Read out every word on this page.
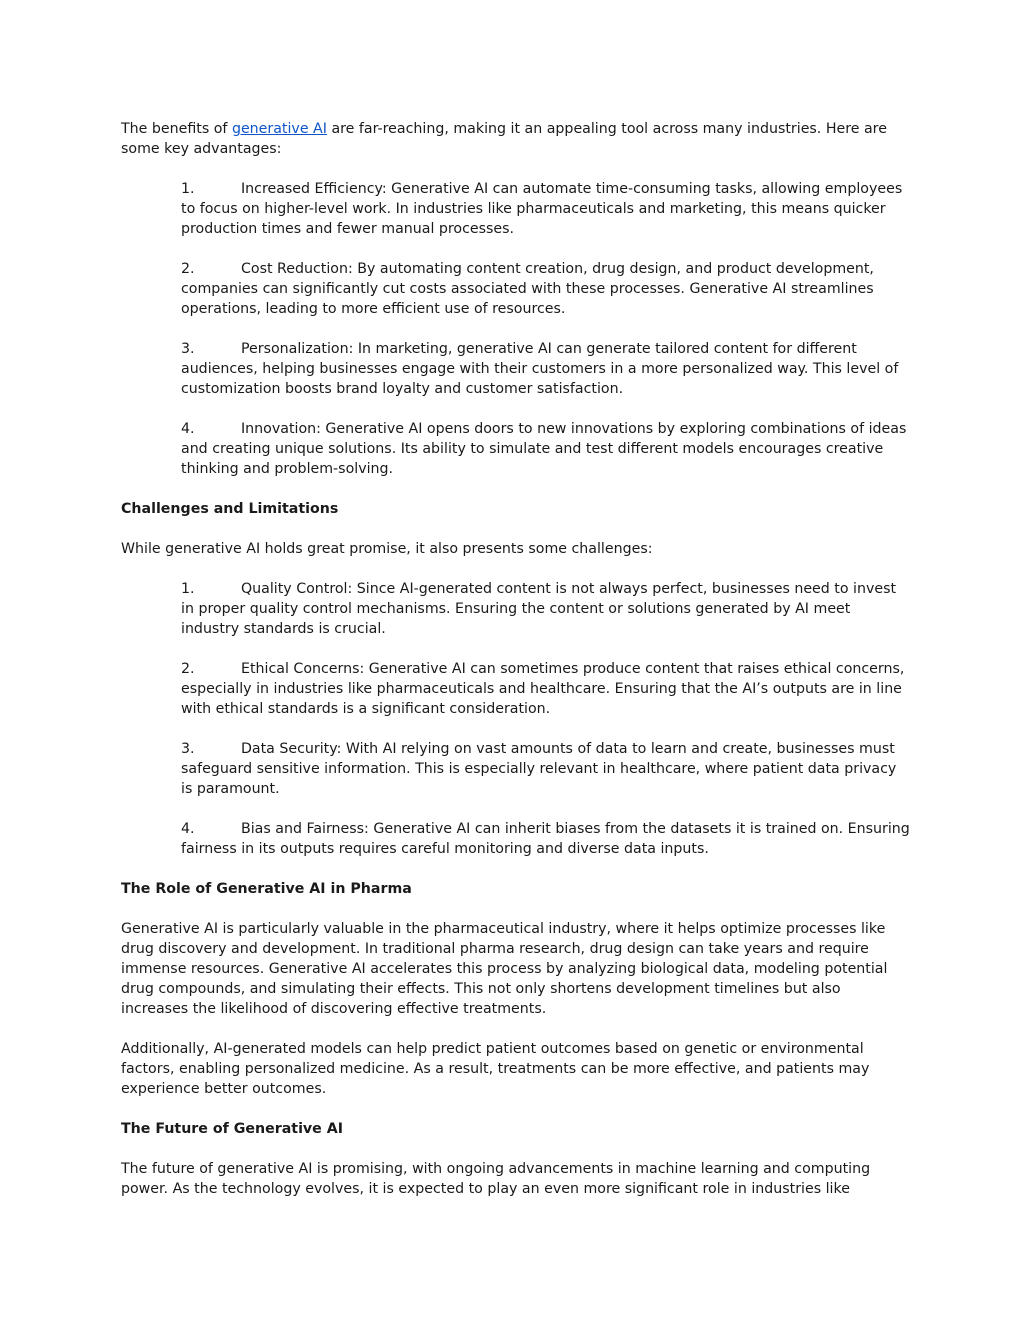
The benefits of generative AI are far-reaching, making it an appealing tool across many industries. Here are some key advantages:

1.	Increased Efficiency: Generative AI can automate time-consuming tasks, allowing employees to focus on higher-level work. In industries like pharmaceuticals and marketing, this means quicker production times and fewer manual processes.
2.	Cost Reduction: By automating content creation, drug design, and product development, companies can significantly cut costs associated with these processes. Generative AI streamlines operations, leading to more efficient use of resources.
3.	Personalization: In marketing, generative AI can generate tailored content for different audiences, helping businesses engage with their customers in a more personalized way. This level of customization boosts brand loyalty and customer satisfaction.
4.	Innovation: Generative AI opens doors to new innovations by exploring combinations of ideas and creating unique solutions. Its ability to simulate and test different models encourages creative thinking and problem-solving.

Challenges and Limitations

While generative AI holds great promise, it also presents some challenges:

1.	Quality Control: Since AI-generated content is not always perfect, businesses need to invest in proper quality control mechanisms. Ensuring the content or solutions generated by AI meet industry standards is crucial.
2.	Ethical Concerns: Generative AI can sometimes produce content that raises ethical concerns, especially in industries like pharmaceuticals and healthcare. Ensuring that the AI’s outputs are in line with ethical standards is a significant consideration.
3.	Data Security: With AI relying on vast amounts of data to learn and create, businesses must safeguard sensitive information. This is especially relevant in healthcare, where patient data privacy is paramount.
4.	Bias and Fairness: Generative AI can inherit biases from the datasets it is trained on. Ensuring fairness in its outputs requires careful monitoring and diverse data inputs.

The Role of Generative AI in Pharma

Generative AI is particularly valuable in the pharmaceutical industry, where it helps optimize processes like drug discovery and development. In traditional pharma research, drug design can take years and require immense resources. Generative AI accelerates this process by analyzing biological data, modeling potential drug compounds, and simulating their effects. This not only shortens development timelines but also increases the likelihood of discovering effective treatments.

Additionally, AI-generated models can help predict patient outcomes based on genetic or environmental factors, enabling personalized medicine. As a result, treatments can be more effective, and patients may experience better outcomes.

The Future of Generative AI

The future of generative AI is promising, with ongoing advancements in machine learning and computing power. As the technology evolves, it is expected to play an even more significant role in industries like
